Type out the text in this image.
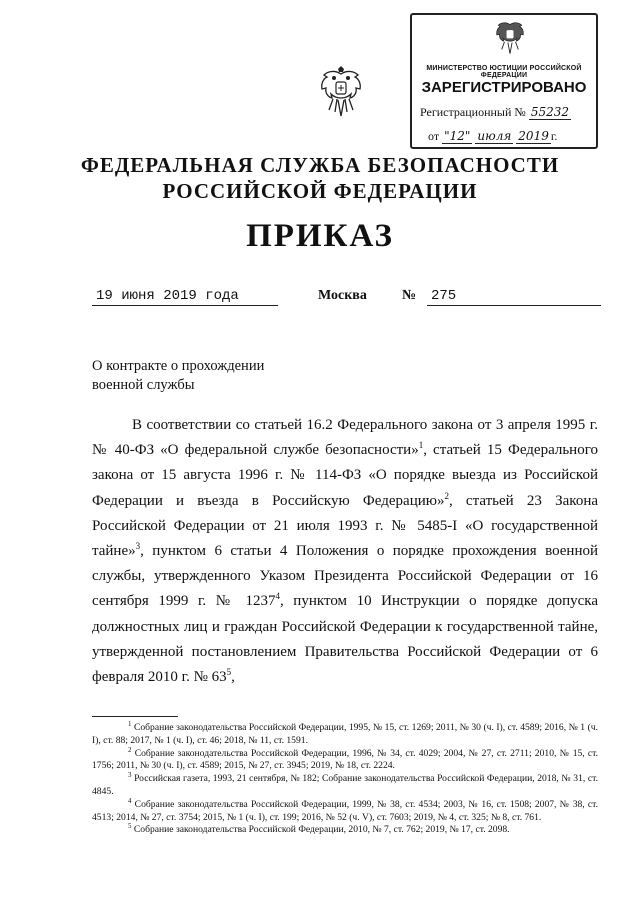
МИНИСТЕРСТВО ЮСТИЦИИ РОССИЙСКОЙ ФЕДЕРАЦИИ
ЗАРЕГИСТРИРОВАНО
Регистрационный № 55232
от "12" июля 2019 г.
ФЕДЕРАЛЬНАЯ СЛУЖБА БЕЗОПАСНОСТИ
РОССИЙСКОЙ ФЕДЕРАЦИИ
ПРИКАЗ
19 июня 2019 года	Москва	№ 275
О контракте о прохождении
военной службы
В соответствии со статьей 16.2 Федерального закона от 3 апреля 1995 г. № 40-ФЗ «О федеральной службе безопасности»$^1$, статьей 15 Федерального закона от 15 августа 1996 г. № 114-ФЗ «О порядке выезда из Российской Федерации и въезда в Российскую Федерацию»$^2$, статьей 23 Закона Российской Федерации от 21 июля 1993 г. № 5485-I «О государственной тайне»$^3$, пунктом 6 статьи 4 Положения о порядке прохождения военной службы, утвержденного Указом Президента Российской Федерации от 16 сентября 1999 г. № 1237$^4$, пунктом 10 Инструкции о порядке допуска должностных лиц и граждан Российской Федерации к государственной тайне, утвержденной постановлением Правительства Российской Федерации от 6 февраля 2010 г. № $63^5$,
$^1$ Собрание законодательства Российской Федерации, 1995, № 15, ст. 1269; 2011, № 30 (ч. I), ст. 4589; 2016, № 1 (ч. I), ст. 88; 2017, № 1 (ч. I), ст. 46; 2018, № 11, ст. 1591.
$^2$ Собрание законодательства Российской Федерации, 1996, № 34, ст. 4029; 2004, № 27, ст. 2711; 2010, № 15, ст. 1756; 2011, № 30 (ч. I), ст. 4589; 2015, № 27, ст. 3945; 2019, № 18, ст. 2224.
$^3$ Российская газета, 1993, 21 сентября, № 182; Собрание законодательства Российской Федерации, 2018, № 31, ст. 4845.
$^4$ Собрание законодательства Российской Федерации, 1999, № 38, ст. 4534; 2003, № 16, ст. 1508; 2007, № 38, ст. 4513; 2014, № 27, ст. 3754; 2015, № 1 (ч. I), ст. 199; 2016, № 52 (ч. V), ст. 7603; 2019, № 4, ст. 325; № 8, ст. 761.
$^5$ Собрание законодательства Российской Федерации, 2010, № 7, ст. 762; 2019, № 17, ст. 2098.
